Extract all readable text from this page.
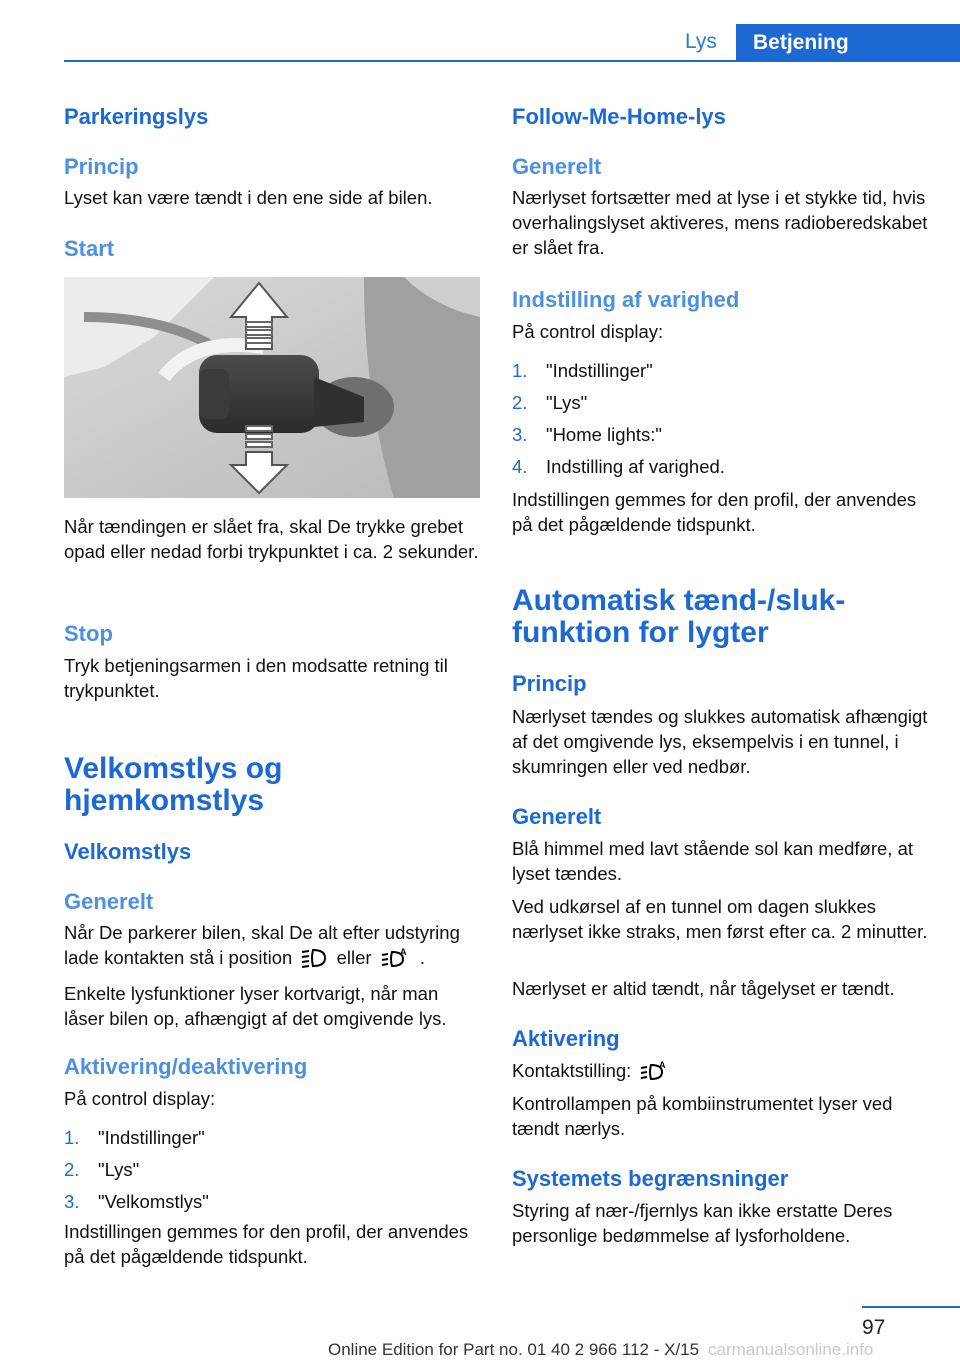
Lys	Betjening
Parkeringslys
Princip
Lyset kan være tændt i den ene side af bilen.
Start
Når tændingen er slået fra, skal De trykke grebet opad eller nedad forbi trykpunktet i ca. 2 sekunder.
Stop
Tryk betjeningsarmen i den modsatte retning til trykpunktet.
Velkomstlys og hjemkomstlys
Velkomstlys
Generelt
Når De parkerer bilen, skal De alt efter udstyring lade kontakten stå i position eller	A .
Enkelte lysfunktioner lyser kortvarigt, når man låser bilen op, afhængigt af det omgivende lys.
Aktivering/deaktivering
På control display:
1. "Indstillinger"
2. "Lys"
3. "Velkomstlys"
Indstillingen gemmes for den profil, der anvendes på det pågældende tidspunkt.
Follow-Me-Home-lys
Generelt
Nærlyset fortsætter med at lyse i et stykke tid, hvis overhalingslyset aktiveres, mens radioberedskabet er slået fra.
Indstilling af varighed
På control display:
1. "Indstillinger"
2. "Lys"
3. "Home lights:"
4. Indstilling af varighed.
Indstillingen gemmes for den profil, der anvendes på det pågældende tidspunkt.
Automatisk tænd-/slukfunktion for lygter
Princip
Nærlyset tændes og slukkes automatisk afhængigt af det omgivende lys, eksempelvis i en tunnel, i skumringen eller ved nedbør.
Generelt
Blå himmel med lavt stående sol kan medføre, at lyset tændes.
Ved udkørsel af en tunnel om dagen slukkes nærlyset ikke straks, men først efter ca. 2 minutter.
Nærlyset er altid tændt, når tågelyset er tændt.
Aktivering
Kontaktstilling:	A
Kontrollampen på kombiinstrumentet lyser ved tændt nærlys.
Systemets begrænsninger
Styring af nær-/fjernlys kan ikke erstatte Deres personlige bedømmelse af lysforholdene.
97
Online Edition for Part no. 01 40 2 966 112 - X/15 carmanualsonline.info
